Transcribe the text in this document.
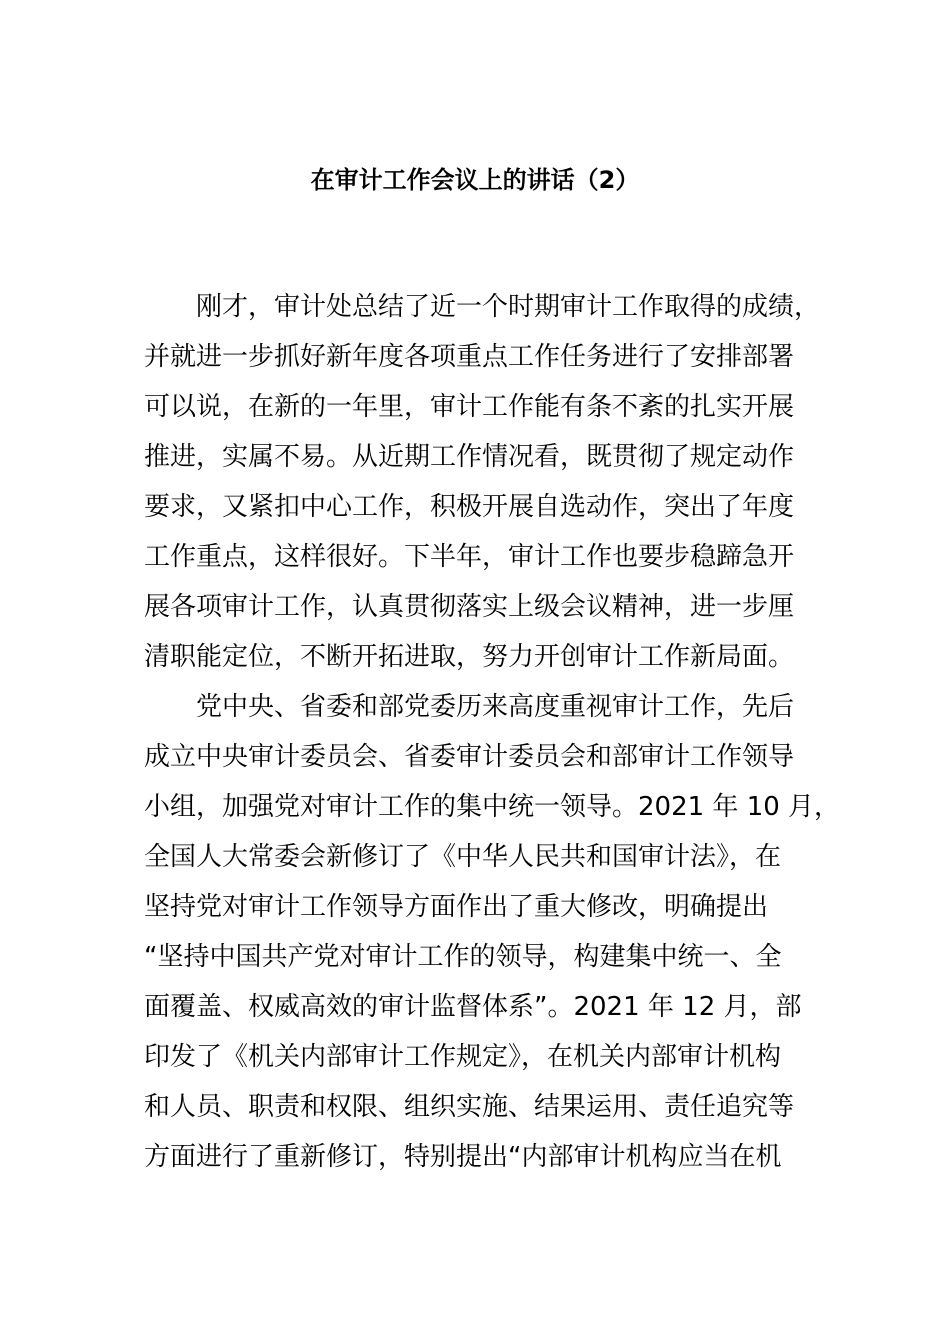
在审计工作会议上的讲话（2）
刚才，审计处总结了近一个时期审计工作取得的成绩，
并就进一步抓好新年度各项重点工作任务进行了安排部署
可以说，在新的一年里，审计工作能有条不紊的扎实开展
推进，实属不易。从近期工作情况看，既贯彻了规定动作
要求，又紧扣中心工作，积极开展自选动作，突出了年度
工作重点，这样很好。下半年，审计工作也要步稳蹄急开
展各项审计工作，认真贯彻落实上级会议精神，进一步厘
清职能定位，不断开拓进取，努力开创审计工作新局面。
党中央、省委和部党委历来高度重视审计工作，先后
成立中央审计委员会、省委审计委员会和部审计工作领导
小组，加强党对审计工作的集中统一领导。2021 年 10 月，
全国人大常委会新修订了《中华人民共和国审计法》，在
坚持党对审计工作领导方面作出了重大修改，明确提出
“坚持中国共产党对审计工作的领导，构建集中统一、全
面覆盖、权威高效的审计监督体系”。2021 年 12 月，部
印发了《机关内部审计工作规定》，在机关内部审计机构
和人员、职责和权限、组织实施、结果运用、责任追究等
方面进行了重新修订，特别提出“内部审计机构应当在机
